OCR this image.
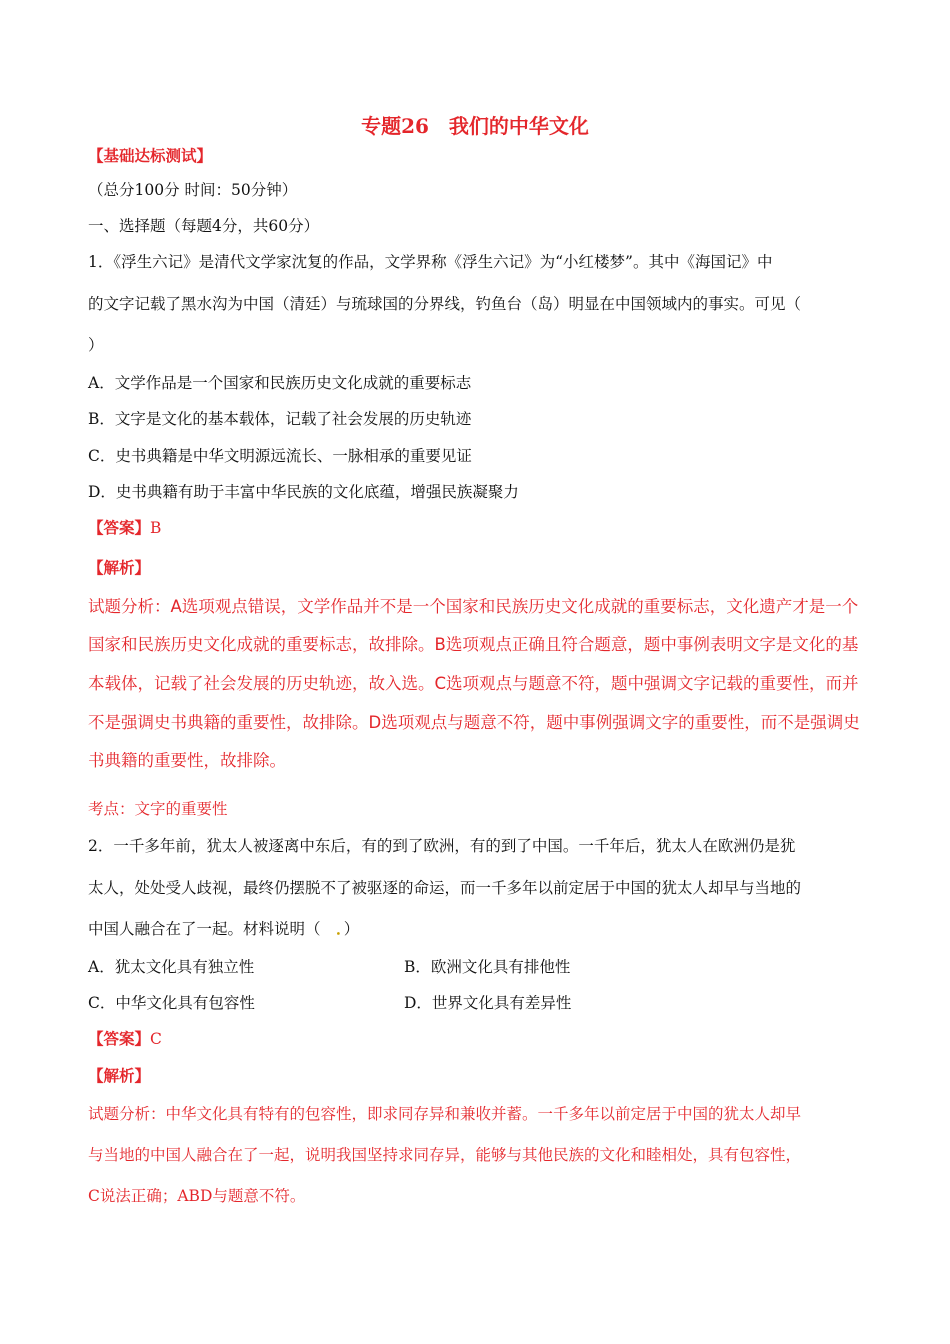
专题26　我们的中华文化
【基础达标测试】
（总分100分 时间：50分钟）
一、选择题（每题4分，共60分）
1．《浮生六记》是清代文学家沈复的作品，文学界称《浮生六记》为“小红楼梦”。其中《海国记》中
的文字记载了黑水沟为中国（清廷）与琉球国的分界线，钓鱼台（岛）明显在中国领域内的事实。可见（
）
A．文学作品是一个国家和民族历史文化成就的重要标志
B．文字是文化的基本载体，记载了社会发展的历史轨迹
C．史书典籍是中华文明源远流长、一脉相承的重要见证
D．史书典籍有助于丰富中华民族的文化底蕴，增强民族凝聚力
【答案】B
【解析】
试题分析：A选项观点错误，文学作品并不是一个国家和民族历史文化成就的重要标志，文化遗产才是一个
国家和民族历史文化成就的重要标志，故排除。B选项观点正确且符合题意，题中事例表明文字是文化的基
本载体，记载了社会发展的历史轨迹，故入选。C选项观点与题意不符，题中强调文字记载的重要性，而并
不是强调史书典籍的重要性，故排除。D选项观点与题意不符，题中事例强调文字的重要性，而不是强调史
书典籍的重要性，故排除。
考点：文字的重要性
2．一千多年前，犹太人被逐离中东后，有的到了欧洲，有的到了中国。一千年后，犹太人在欧洲仍是犹
太人，处处受人歧视，最终仍摆脱不了被驱逐的命运，而一千多年以前定居于中国的犹太人却早与当地的
中国人融合在了一起。材料说明（　．）
A．犹太文化具有独立性	B．欧洲文化具有排他性
C．中华文化具有包容性	D．世界文化具有差异性
【答案】C
【解析】
试题分析：中华文化具有特有的包容性，即求同存异和兼收并蓄。一千多年以前定居于中国的犹太人却早
与当地的中国人融合在了一起，说明我国坚持求同存异，能够与其他民族的文化和睦相处，具有包容性，
C说法正确；ABD与题意不符。
